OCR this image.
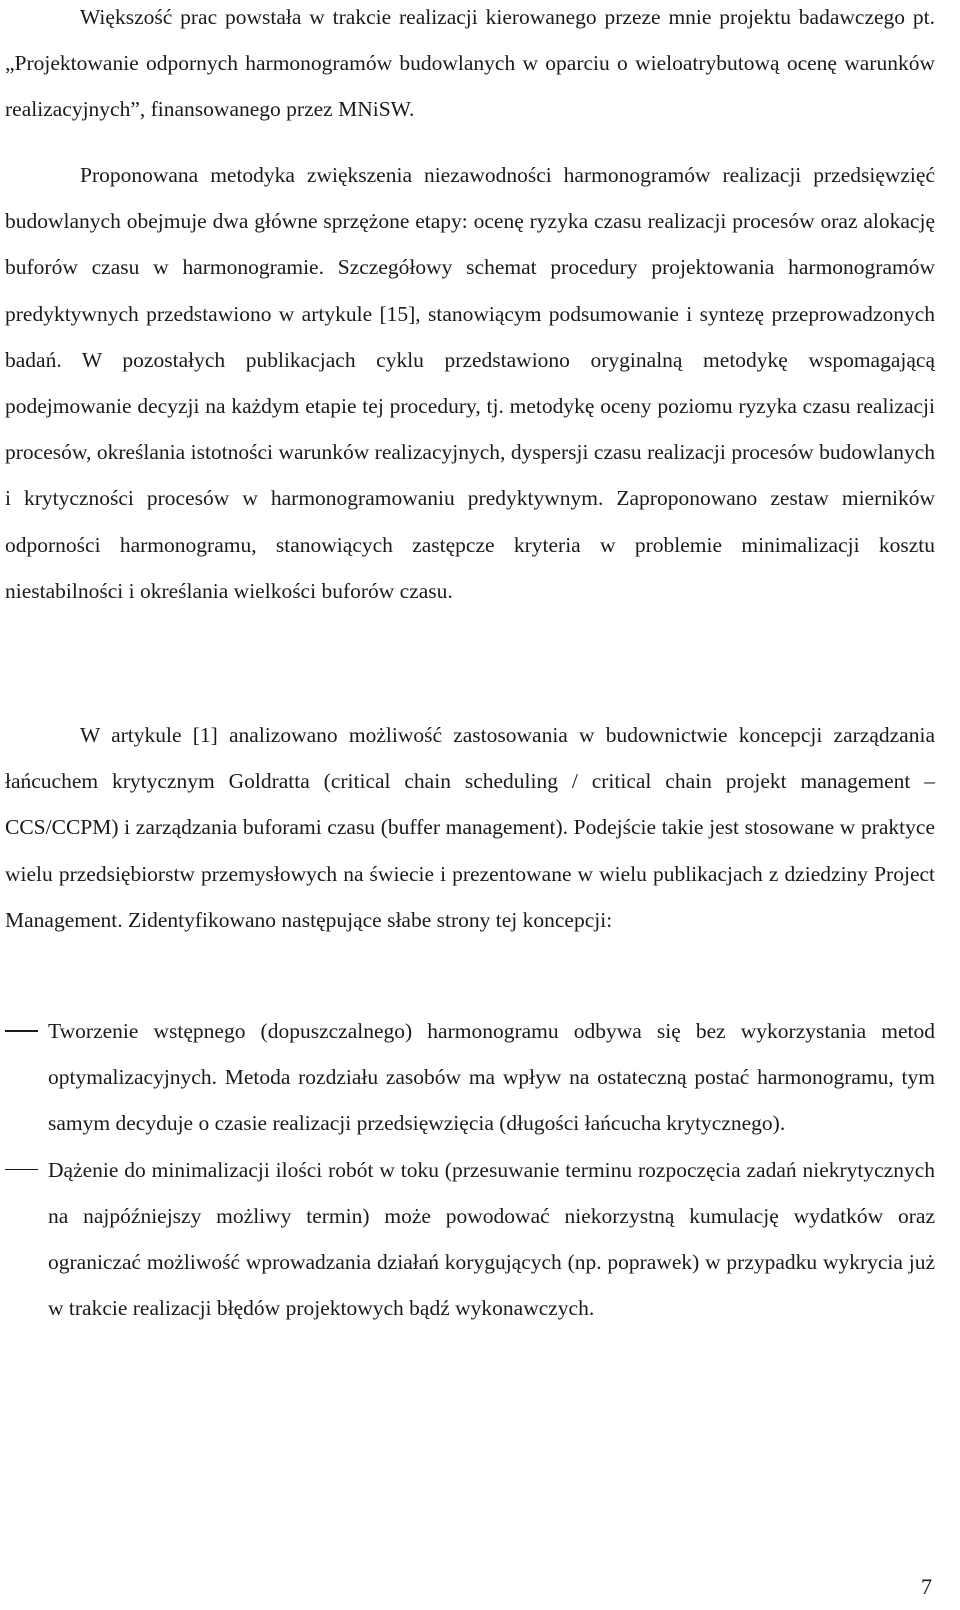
Większość prac powstała w trakcie realizacji kierowanego przeze mnie projektu badawczego pt. „Projektowanie odpornych harmonogramów budowlanych w oparciu o wieloatrybutową ocenę warunków realizacyjnych”, finansowanego przez MNiSW.

Proponowana metodyka zwiększenia niezawodności harmonogramów realizacji przedsięwzięć budowlanych obejmuje dwa główne sprzężone etapy: ocenę ryzyka czasu realizacji procesów oraz alokację buforów czasu w harmonogramie. Szczegółowy schemat procedury projektowania harmonogramów predyktywnych przedstawiono w artykule [15], stanowiącym podsumowanie i syntezę przeprowadzonych badań. W pozostałych publikacjach cyklu przedstawiono oryginalną metodykę wspomagającą podejmowanie decyzji na każdym etapie tej procedury, tj. metodykę oceny poziomu ryzyka czasu realizacji procesów, określania istotności warunków realizacyjnych, dyspersji czasu realizacji procesów budowlanych i krytyczności procesów w harmonogramowaniu predyktywnym. Zaproponowano zestaw mierników odporności harmonogramu, stanowiących zastępcze kryteria w problemie minimalizacji kosztu niestabilności i określania wielkości buforów czasu.

W artykule [1] analizowano możliwość zastosowania w budownictwie koncepcji zarządzania łańcuchem krytycznym Goldratta (critical chain scheduling / critical chain projekt management – CCS/CCPM) i zarządzania buforami czasu (buffer management). Podejście takie jest stosowane w praktyce wielu przedsiębiorstw przemysłowych na świecie i prezentowane w wielu publikacjach z dziedziny Project Management. Zidentyfikowano następujące słabe strony tej koncepcji:

Tworzenie wstępnego (dopuszczalnego) harmonogramu odbywa się bez wykorzystania metod optymalizacyjnych. Metoda rozdziału zasobów ma wpływ na ostateczną postać harmonogramu, tym samym decyduje o czasie realizacji przedsięwzięcia (długości łańcucha krytycznego).
Dążenie do minimalizacji ilości robót w toku (przesuwanie terminu rozpoczęcia zadań niekrytycznych na najpóźniejszy możliwy termin) może powodować niekorzystną kumulację wydatków oraz ograniczać możliwość wprowadzania działań korygujących (np. poprawek) w przypadku wykrycia już w trakcie realizacji błędów projektowych bądź wykonawczych.
7
